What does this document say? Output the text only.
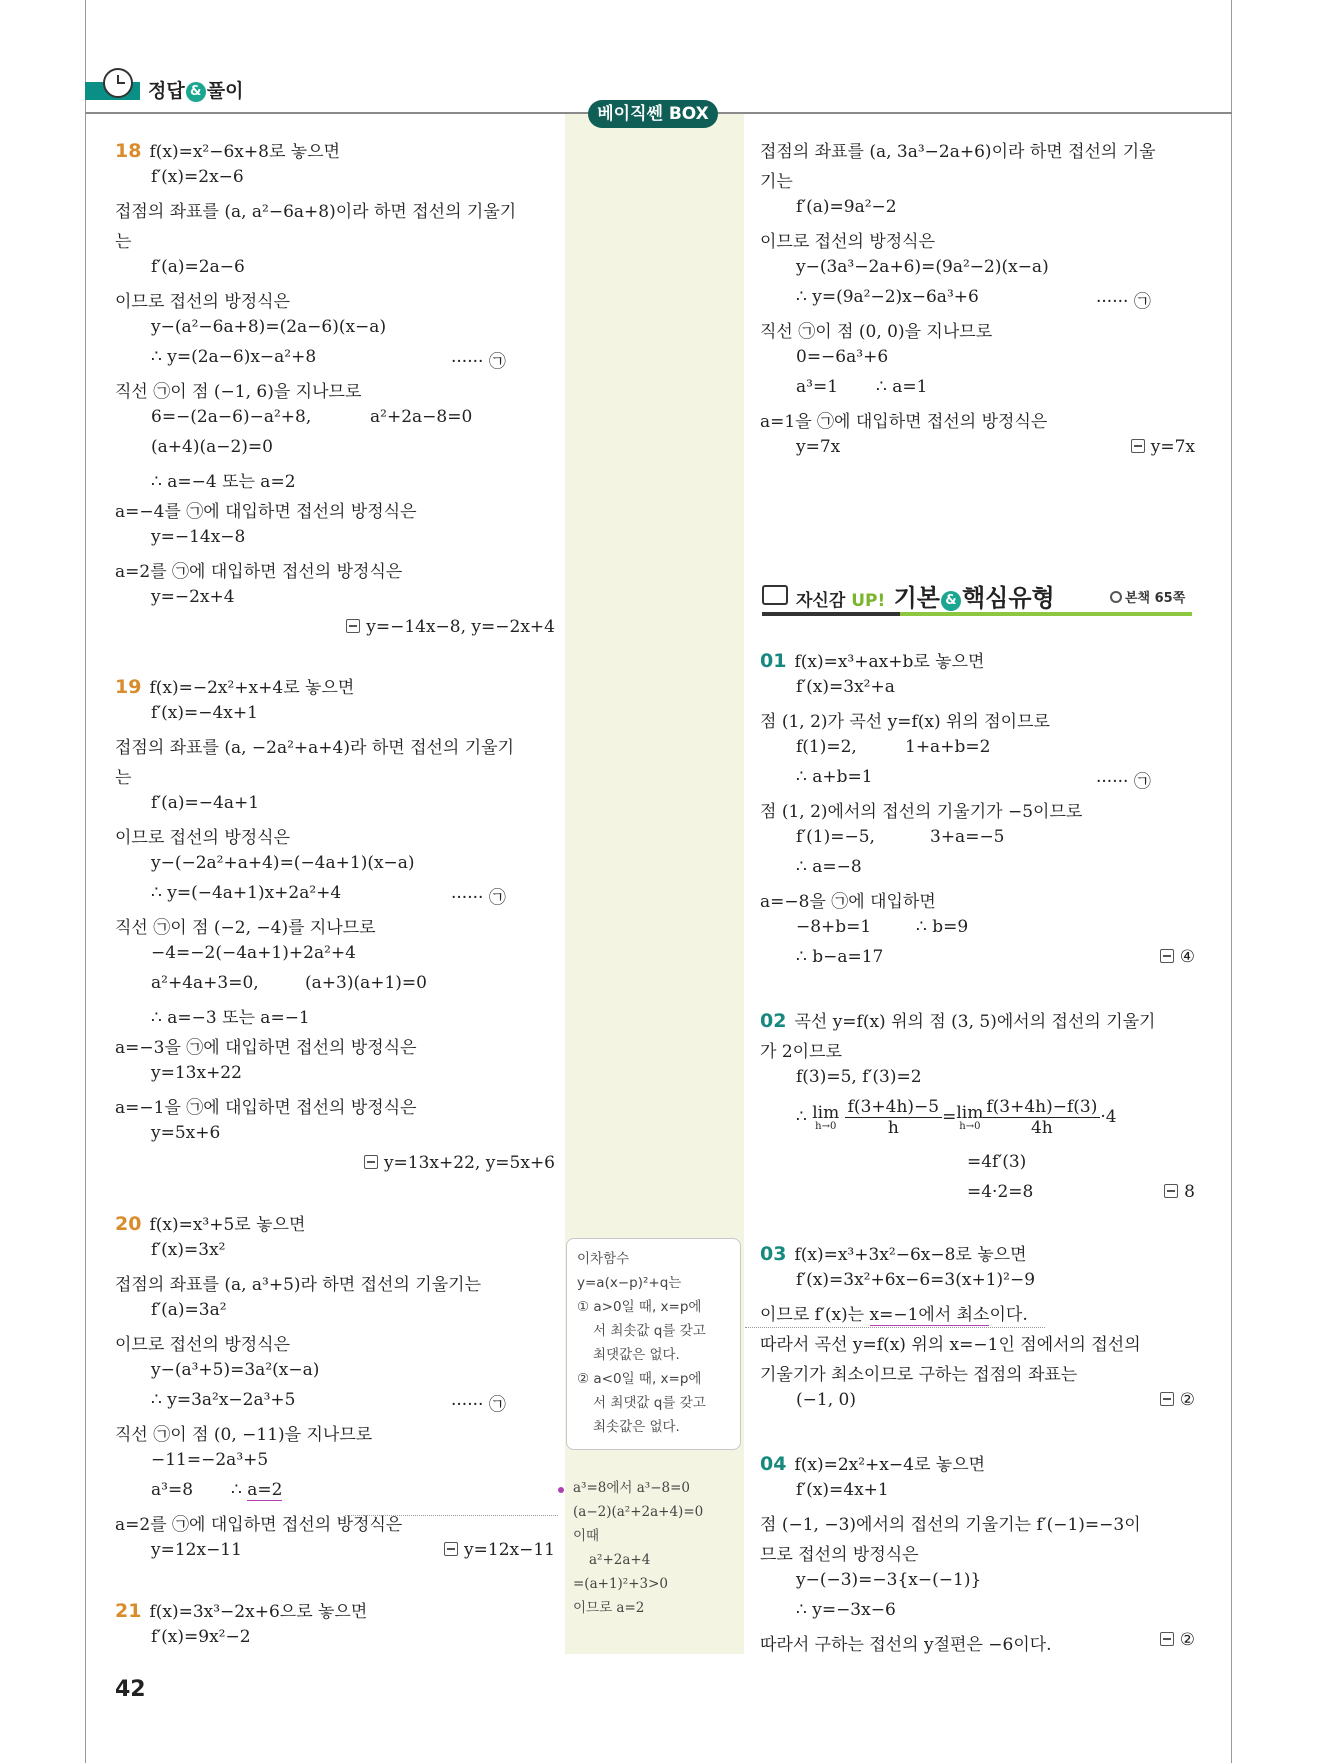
정답 & 풀이
베이직쎈 BOX
18 f(x)=x²−6x+8로 놓으면
f′(x)=2x−6
접점의 좌표를 (a, a²−6a+8)이라 하면 접선의 기울기
는
f′(a)=2a−6
이므로 접선의 방정식은
y−(a²−6a+8)=(2a−6)(x−a)
∴ y=(2a−6)x−a²+8	······ ㉠
직선 ㉠이 점 (−1, 6)을 지나므로
6=−(2a−6)−a²+8,	a²+2a−8=0
(a+4)(a−2)=0
∴ a=−4 또는 a=2
a=−4를 ㉠에 대입하면 접선의 방정식은
y=−14x−8
a=2를 ㉠에 대입하면 접선의 방정식은
y=−2x+4
y=−14x−8, y=−2x+4
19 f(x)=−2x²+x+4로 놓으면
f′(x)=−4x+1
접점의 좌표를 (a, −2a²+a+4)라 하면 접선의 기울기
는
f′(a)=−4a+1
이므로 접선의 방정식은
y−(−2a²+a+4)=(−4a+1)(x−a)
∴ y=(−4a+1)x+2a²+4	······ ㉠
직선 ㉠이 점 (−2, −4)를 지나므로
−4=−2(−4a+1)+2a²+4
a²+4a+3=0,	(a+3)(a+1)=0
∴ a=−3 또는 a=−1
a=−3을 ㉠에 대입하면 접선의 방정식은
y=13x+22
a=−1을 ㉠에 대입하면 접선의 방정식은
y=5x+6
y=13x+22, y=5x+6
20 f(x)=x³+5로 놓으면
f′(x)=3x²
접점의 좌표를 (a, a³+5)라 하면 접선의 기울기는
f′(a)=3a²
이므로 접선의 방정식은
y−(a³+5)=3a²(x−a)
∴ y=3a²x−2a³+5	······ ㉠
직선 ㉠이 점 (0, −11)을 지나므로
−11=−2a³+5
a³=8 ∴ a=2
a=2를 ㉠에 대입하면 접선의 방정식은
y=12x−11	y=12x−11
21 f(x)=3x³−2x+6으로 놓으면
f′(x)=9x²−2
이차함수
y=a(x−p)²+q는
① a>0일 때, x=p에
서 최솟값 q를 갖고
최댓값은 없다.
② a<0일 때, x=p에
서 최댓값 q를 갖고
최솟값은 없다.
a³=8에서 a³−8=0
(a−2)(a²+2a+4)=0
이때
a²+2a+4
=(a+1)²+3>0
이므로 a=2
접점의 좌표를 (a, 3a³−2a+6)이라 하면 접선의 기울
기는
f′(a)=9a²−2
이므로 접선의 방정식은
y−(3a³−2a+6)=(9a²−2)(x−a)
∴ y=(9a²−2)x−6a³+6	······ ㉠
직선 ㉠이 점 (0, 0)을 지나므로
0=−6a³+6
a³=1 ∴ a=1
a=1을 ㉠에 대입하면 접선의 방정식은
y=7x	y=7x
자신감 UP! 기본 & 핵심유형	본책 65쪽
01 f(x)=x³+ax+b로 놓으면
f′(x)=3x²+a
점 (1, 2)가 곡선 y=f(x) 위의 점이므로
f(1)=2,	1+a+b=2
∴ a+b=1	······ ㉠
점 (1, 2)에서의 접선의 기울기가 −5이므로
f′(1)=−5,	3+a=−5
∴ a=−8
a=−8을 ㉠에 대입하면
−8+b=1	∴ b=9
∴ b−a=17	④
02 곡선 y=f(x) 위의 점 (3, 5)에서의 접선의 기울기
가 2이므로
f(3)=5, f′(3)=2
∴ lim
h→0
$\frac{f(3+4h)-5}{h} =\lim$
$h\to 0 \frac{f(3+4h)-f(3)}{4h} \cdot 4$
=4f′(3)
=4·2=8	8
03 f(x)=x³+3x²−6x−8로 놓으면
f′(x)=3x²+6x−6=3(x+1)²−9
이므로 f′(x)는 x=−1에서 최소이다.
따라서 곡선 y=f(x) 위의 x=−1인 점에서의 접선의
기울기가 최소이므로 구하는 접점의 좌표는
(−1, 0)	②
04 f(x)=2x²+x−4로 놓으면
f′(x)=4x+1
점 (−1, −3)에서의 접선의 기울기는 f′(−1)=−3이
므로 접선의 방정식은
y−(−3)=−3{x−(−1)}
∴ y=−3x−6
따라서 구하는 접선의 y절편은 −6이다.	②
42
